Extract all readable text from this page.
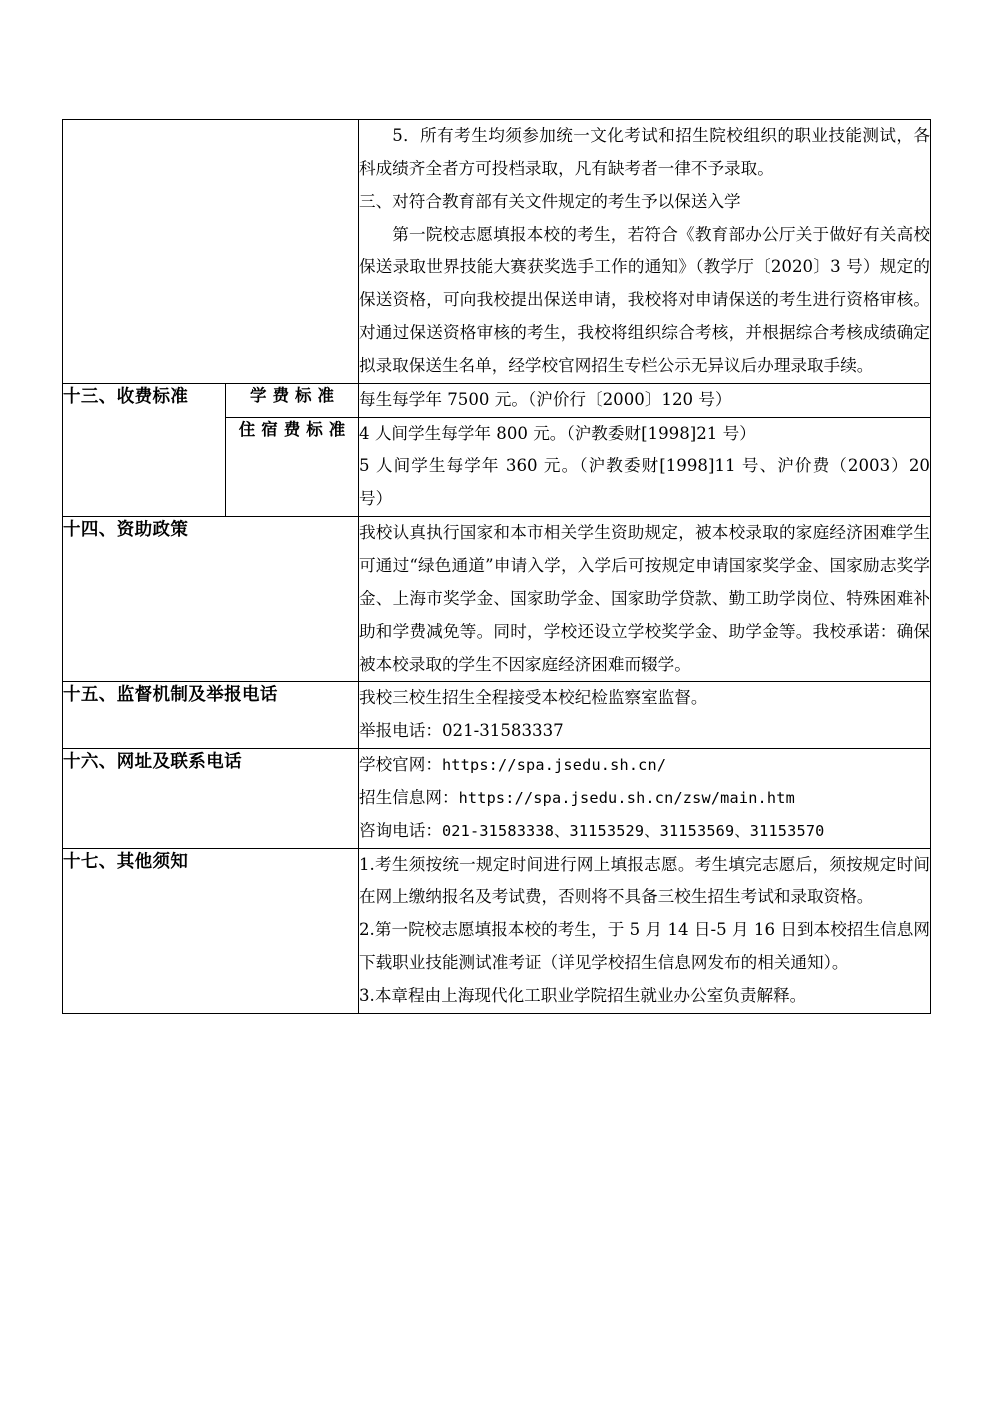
		5．所有考生均须参加统一文化考试和招生院校组织的职业技能测试，各科成绩齐全者方可投档录取，凡有缺考者一律不予录取。

三、对符合教育部有关文件规定的考生予以保送入学

第一院校志愿填报本校的考生，若符合《教育部办公厅关于做好有关高校保送录取世界技能大赛获奖选手工作的通知》（教学厅〔2020〕3 号）规定的保送资格，可向我校提出保送申请，我校将对申请保送的考生进行资格审核。对通过保送资格审核的考生，我校将组织综合考核，并根据综合考核成绩确定拟录取保送生名单，经学校官网招生专栏公示无异议后办理录取手续。

十三、收费标准	学费标准	每生每学年 7500 元。（沪价行〔2000〕120 号）

	住宿费标准	4 人间学生每学年 800 元。（沪教委财[1998]21 号）

5 人间学生每学年 360 元。（沪教委财[1998]11 号、沪价费（2003）20 号）

十四、资助政策		我校认真执行国家和本市相关学生资助规定，被本校录取的家庭经济困难学生可通过“绿色通道”申请入学，入学后可按规定申请国家奖学金、国家励志奖学金、上海市奖学金、国家助学金、国家助学贷款、勤工助学岗位、特殊困难补助和学费减免等。同时，学校还设立学校奖学金、助学金等。我校承诺：确保被本校录取的学生不因家庭经济困难而辍学。

十五、监督机制及举报电话		我校三校生招生全程接受本校纪检监察室监督。

举报电话：021-31583337

十六、网址及联系电话		学校官网：https://spa.jsedu.sh.cn/

招生信息网：https://spa.jsedu.sh.cn/zsw/main.htm

咨询电话：021-31583338、31153529、31153569、31153570

十七、其他须知		1.考生须按统一规定时间进行网上填报志愿。考生填完志愿后，须按规定时间在网上缴纳报名及考试费，否则将不具备三校生招生考试和录取资格。

2.第一院校志愿填报本校的考生，于 5 月 14 日-5 月 16 日到本校招生信息网下载职业技能测试准考证（详见学校招生信息网发布的相关通知）。

3.本章程由上海现代化工职业学院招生就业办公室负责解释。
